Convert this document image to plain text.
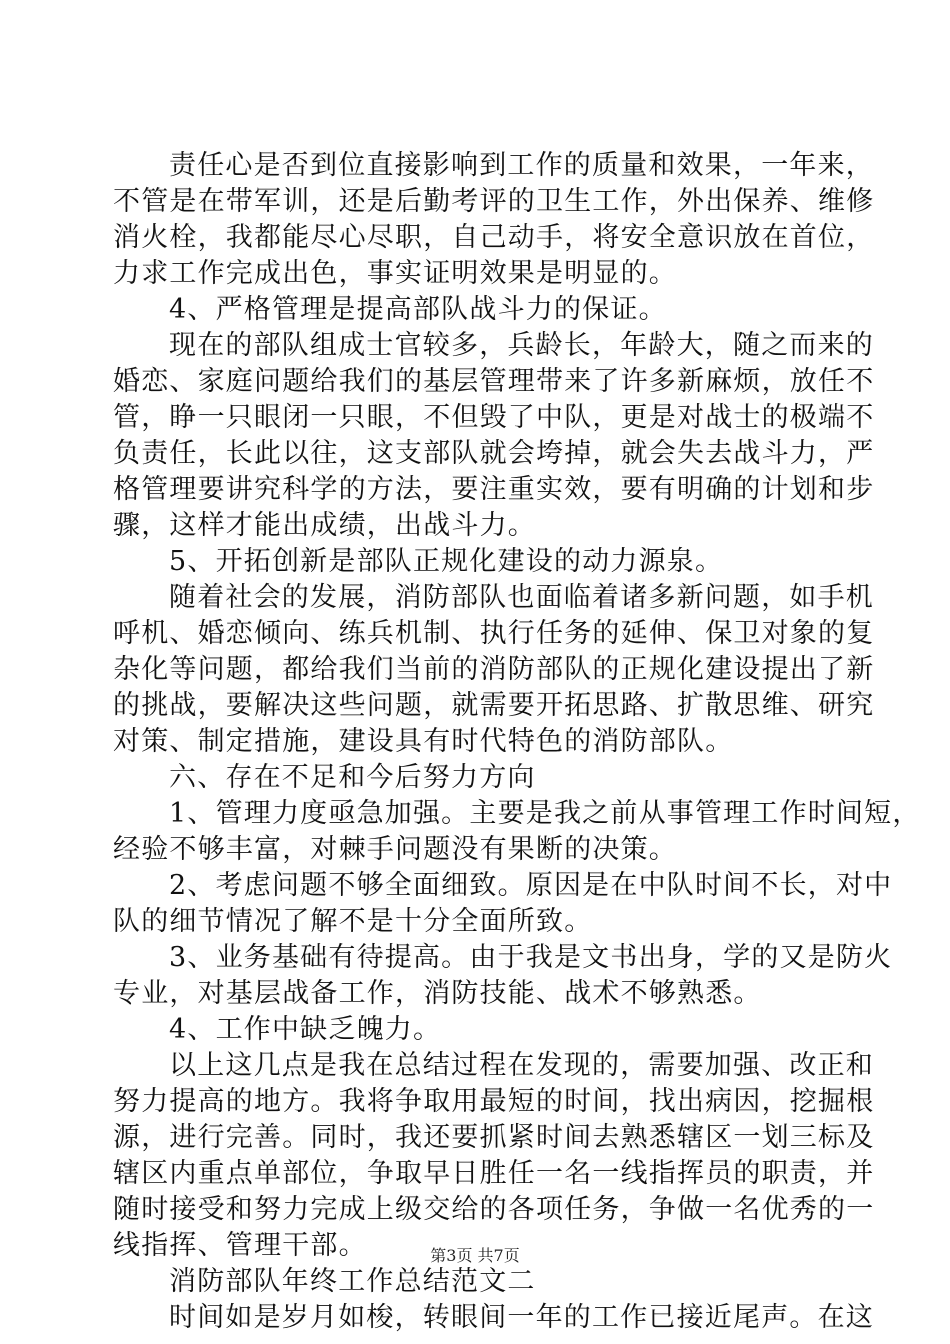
责任心是否到位直接影响到工作的质量和效果，一年来，
不管是在带军训，还是后勤考评的卫生工作，外出保养、维修
消火栓，我都能尽心尽职，自己动手，将安全意识放在首位，
力求工作完成出色，事实证明效果是明显的。
4、严格管理是提高部队战斗力的保证。
现在的部队组成士官较多，兵龄长，年龄大，随之而来的
婚恋、家庭问题给我们的基层管理带来了许多新麻烦，放任不
管，睁一只眼闭一只眼，不但毁了中队，更是对战士的极端不
负责任，长此以往，这支部队就会垮掉，就会失去战斗力，严
格管理要讲究科学的方法，要注重实效，要有明确的计划和步
骤，这样才能出成绩，出战斗力。
5、开拓创新是部队正规化建设的动力源泉。
随着社会的发展，消防部队也面临着诸多新问题，如手机
呼机、婚恋倾向、练兵机制、执行任务的延伸、保卫对象的复
杂化等问题，都给我们当前的消防部队的正规化建设提出了新
的挑战，要解决这些问题，就需要开拓思路、扩散思维、研究
对策、制定措施，建设具有时代特色的消防部队。
六、存在不足和今后努力方向
1、管理力度亟急加强。主要是我之前从事管理工作时间短，
经验不够丰富，对棘手问题没有果断的决策。
2、考虑问题不够全面细致。原因是在中队时间不长，对中
队的细节情况了解不是十分全面所致。
3、业务基础有待提高。由于我是文书出身，学的又是防火
专业，对基层战备工作，消防技能、战术不够熟悉。
4、工作中缺乏魄力。
以上这几点是我在总结过程在发现的，需要加强、改正和
努力提高的地方。我将争取用最短的时间，找出病因，挖掘根
源，进行完善。同时，我还要抓紧时间去熟悉辖区一划三标及
辖区内重点单部位，争取早日胜任一名一线指挥员的职责，并
随时接受和努力完成上级交给的各项任务，争做一名优秀的一
线指挥、管理干部。
消防部队年终工作总结范文二
时间如是岁月如梭，转眼间一年的工作已接近尾声。在这
第3页 共7页
